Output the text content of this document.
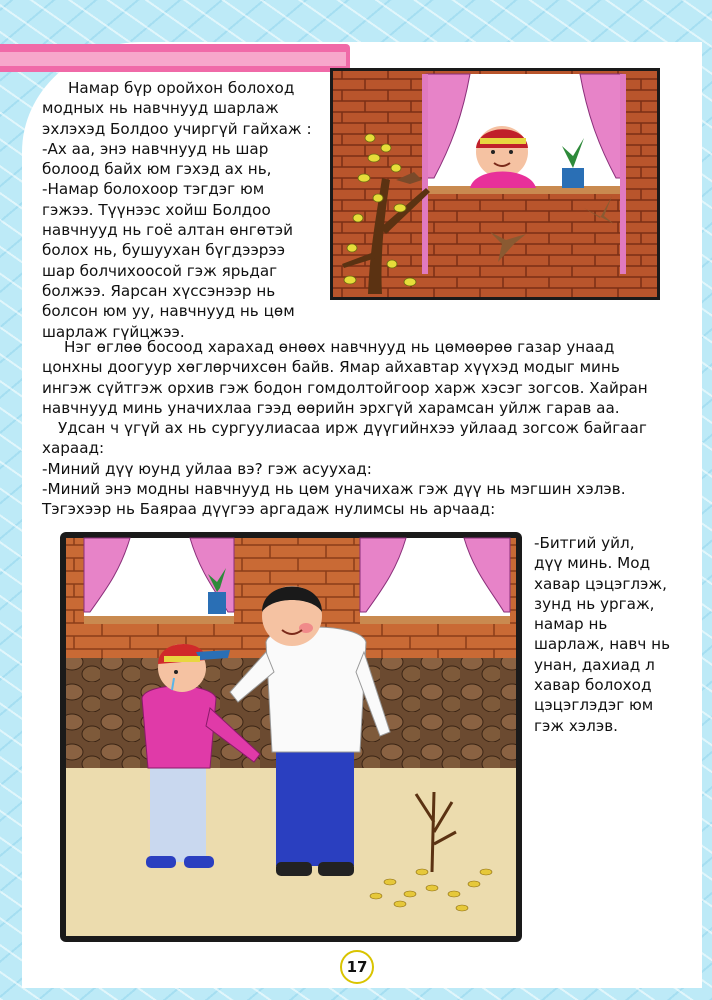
Намар бүр оройхон болоход
модных нь навчнууд шарлаж
эхлэхэд Болдоо учиргүй гайхаж :
-Ах аа, энэ навчнууд нь шар
болоод байх юм гэхэд ах нь,
-Намар болохоор тэгдэг юм
гэжээ. Түүнээс хойш Болдоо
навчнууд нь гоё алтан өнгөтэй
болох нь, бушуухан бүгдээрээ
шар болчихоосой гэж ярьдаг
болжээ. Яарсан хүссэнээр нь
болсон юм уу, навчнууд нь цөм
шарлаж гүйцжээ.
Нэг өглөө босоод харахад өнөөх навчнууд нь цөмөөрөө газар унаад
цонхны доогуур хөглөрчихсөн байв. Ямар айхавтар хүүхэд модыг минь
ингэж сүйтгэж орхив гэж бодон гомдолтойгоор харж хэсэг зогсов. Хайран
навчнууд минь уначихлаа гээд өөрийн эрхгүй харамсан уйлж гарав аа.
Удсан ч үгүй ах нь сургуулиасаа ирж дүүгийнхээ уйлаад зогсож байгааг
хараад:
-Миний дүү юунд уйлаа вэ? гэж асуухад:
-Миний энэ модны навчнууд нь цөм уначихаж гэж дүү нь мэгшин хэлэв.
Тэгэхээр нь Баяраа дүүгээ аргадаж нулимсы нь арчаад:
-Битгий уйл,
дүү минь. Мод
хавар цэцэглэж,
зунд нь ургаж,
намар нь
шарлаж, навч нь
унан, дахиад л
хавар болоход
цэцэглэдэг юм
гэж хэлэв.
17
